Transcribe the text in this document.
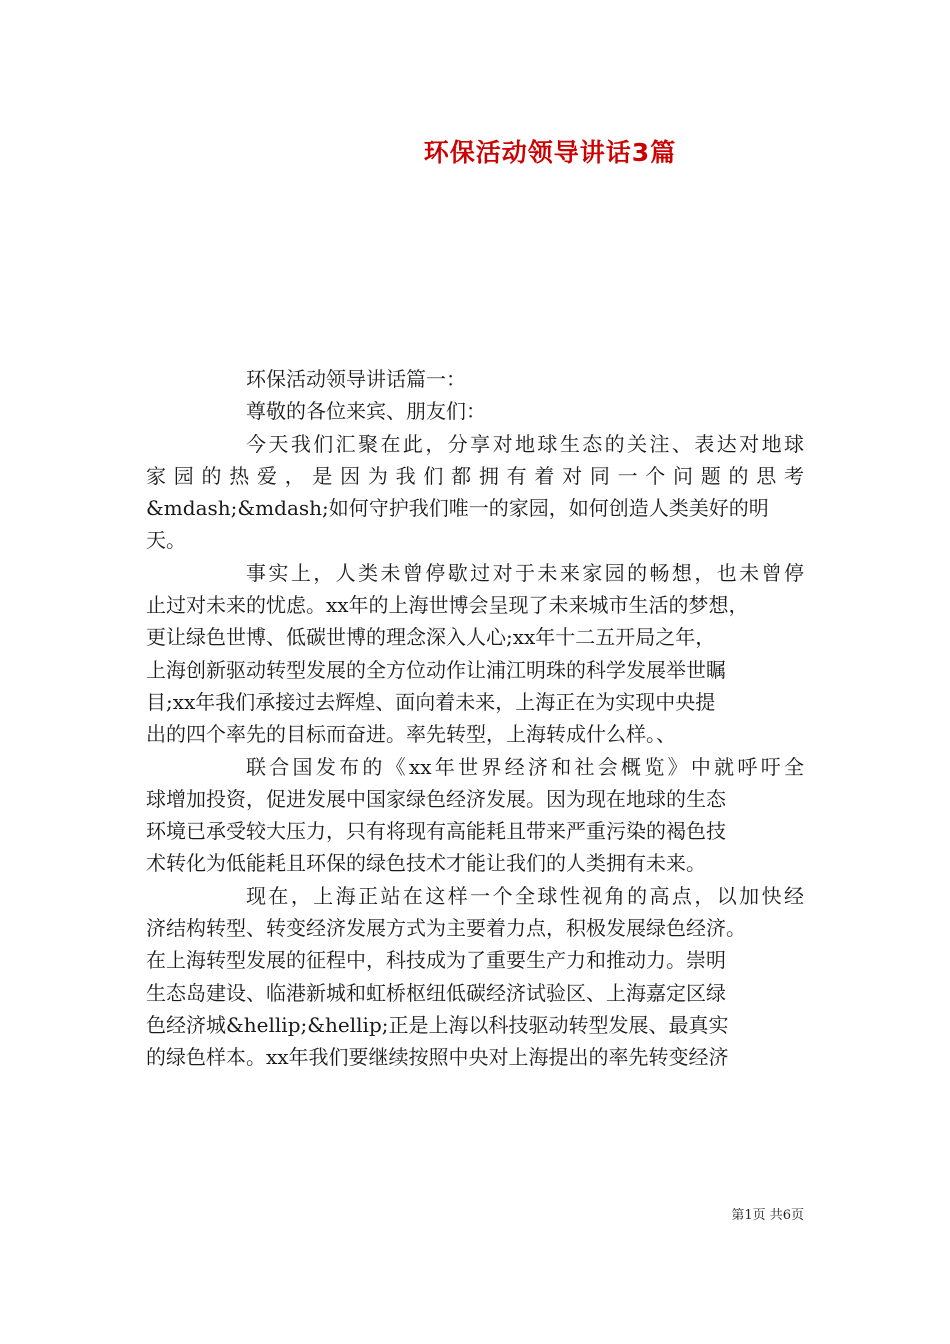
环保活动领导讲话3篇
环保活动领导讲话篇一：
尊敬的各位来宾、朋友们：
今天我们汇聚在此，分享对地球生态的关注、表达对地球
家园的热爱，是因为我们都拥有着对同一个问题的思考
&mdash;&mdash;如何守护我们唯一的家园，如何创造人类美好的明
天。
事实上，人类未曾停歇过对于未来家园的畅想，也未曾停
止过对未来的忧虑。xx年的上海世博会呈现了未来城市生活的梦想，
更让绿色世博、低碳世博的理念深入人心;xx年十二五开局之年，
上海创新驱动转型发展的全方位动作让浦江明珠的科学发展举世瞩
目;xx年我们承接过去辉煌、面向着未来，上海正在为实现中央提
出的四个率先的目标而奋进。率先转型，上海转成什么样。、
联合国发布的《xx年世界经济和社会概览》中就呼吁全
球增加投资，促进发展中国家绿色经济发展。因为现在地球的生态
环境已承受较大压力，只有将现有高能耗且带来严重污染的褐色技
术转化为低能耗且环保的绿色技术才能让我们的人类拥有未来。
现在，上海正站在这样一个全球性视角的高点，以加快经
济结构转型、转变经济发展方式为主要着力点，积极发展绿色经济。
在上海转型发展的征程中，科技成为了重要生产力和推动力。崇明
生态岛建设、临港新城和虹桥枢纽低碳经济试验区、上海嘉定区绿
色经济城&hellip;&hellip;正是上海以科技驱动转型发展、最真实
的绿色样本。xx年我们要继续按照中央对上海提出的率先转变经济
第1页 共6页
